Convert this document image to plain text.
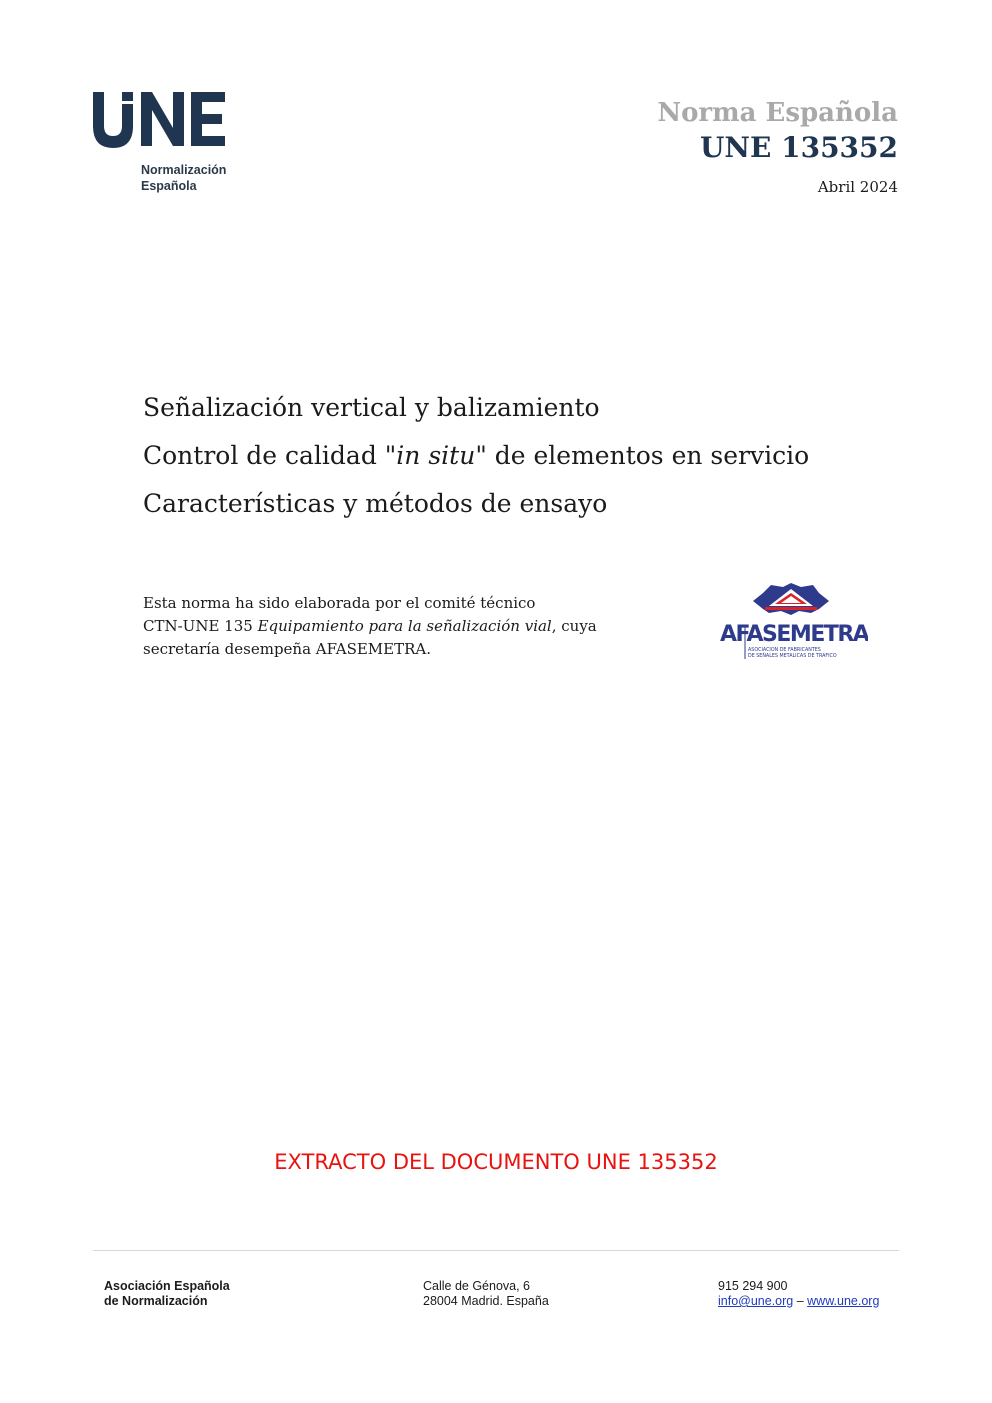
Normalización
Española
Norma Española
UNE 135352
Abril 2024
Señalización vertical y balizamiento
Control de calidad "in situ" de elementos en servicio
Características y métodos de ensayo
Esta norma ha sido elaborada por el comité técnico
CTN-UNE 135 Equipamiento para la señalización vial, cuya
secretaría desempeña AFASEMETRA.
AFASEMETRA
ASOCIACION DE FABRICANTES
DE SEÑALES METALICAS DE TRAFICO
EXTRACTO DEL DOCUMENTO UNE 135352
Asociación Española
de Normalización
Calle de Génova, 6
28004 Madrid. España
915 294 900
info@une.org – www.une.org
